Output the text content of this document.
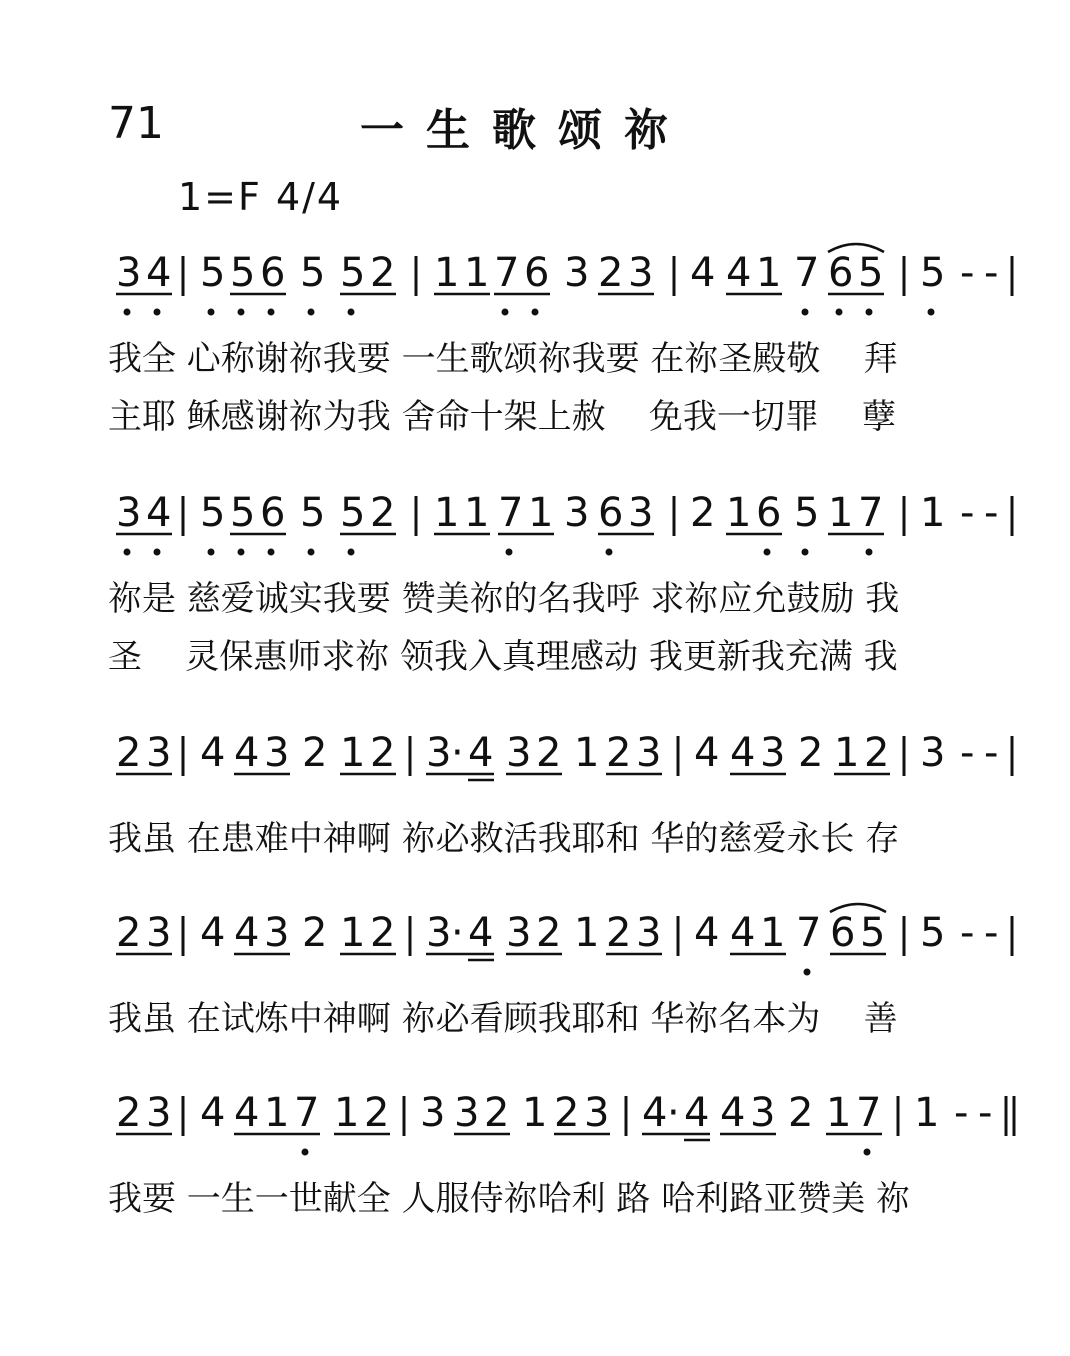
71	一生歌颂祢
1=F 4/4
3 4 5 5 6 5 5 2 1 1 7 6 3 2 3 4 4 1 7 6 5 5 - -
我全 心称谢祢我要 一生歌颂祢我要 在祢圣殿敬    拜
主耶 稣感谢祢为我 舍命十架上赦    免我一切罪    孽
3 4 5 5 6 5 5 2 1 1 7 1 3 6 3 2 1 6 5 1 7 1 - -
祢是 慈爱诚实我要 赞美祢的名我呼 求祢应允鼓励 我
圣    灵保惠师求祢 领我入真理感动 我更新我充满 我
2 3 4 4 3 2 1 2 3 · 4 3 2 1 2 3 4 4 3 2 1 2 3 - -
我虽 在患难中神啊 祢必救活我耶和 华的慈爱永长 存
2 3 4 4 3 2 1 2 3 · 4 3 2 1 2 3 4 4 1 7 6 5 5 - -
我虽 在试炼中神啊 祢必看顾我耶和 华祢名本为    善
2 3 4 4 1 7 1 2 3 3 2 1 2 3 4 · 4 4 3 2 1 7 1 - -
我要 一生一世献全 人服侍祢哈利 路 哈利路亚赞美 祢
